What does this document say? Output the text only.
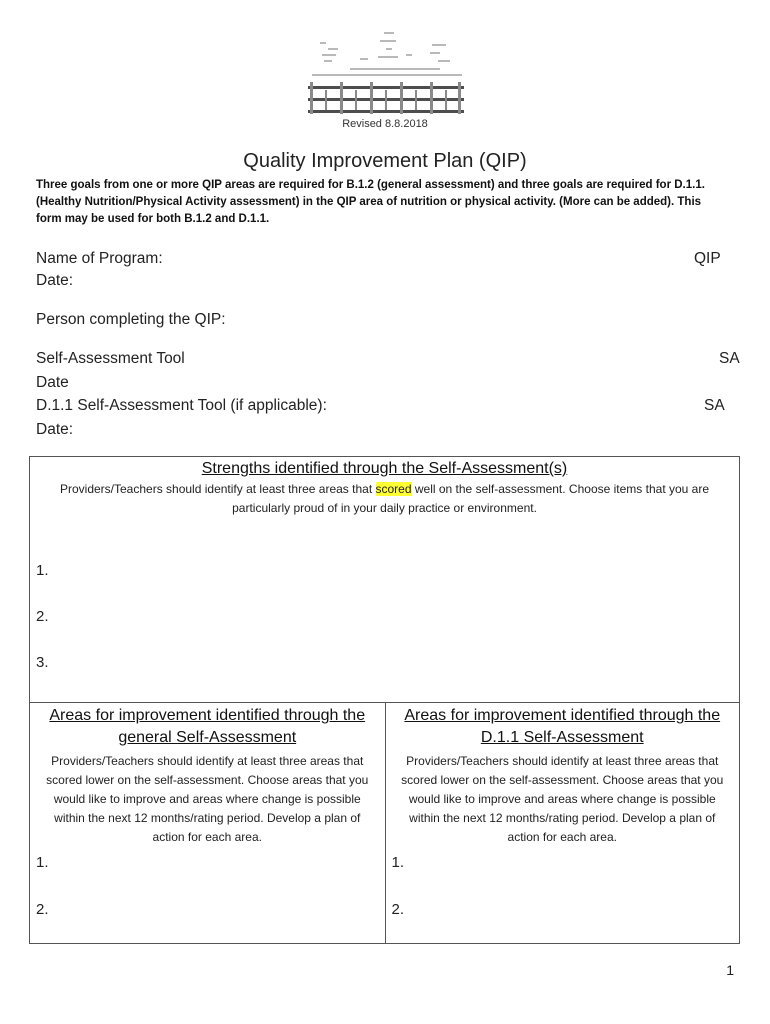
Revised 8.8.2018
Quality Improvement Plan (QIP)
Three goals from one or more QIP areas are required for B.1.2 (general assessment) and three goals are required for D.1.1. (Healthy Nutrition/Physical Activity assessment) in the QIP area of nutrition or physical activity. (More can be added). This form may be used for both B.1.2 and D.1.1.
Name of Program:	QIP
Date:
Person completing the QIP:
Self-Assessment Tool	SA
Date
D.1.1 Self-Assessment Tool (if applicable):	SA
Date:
Strengths identified through the Self-Assessment(s)
Providers/Teachers should identify at least three areas that scored well on the self-assessment. Choose items that you are particularly proud of in your daily practice or environment.
1.
2.
3.
Areas for improvement identified through the general Self-Assessment
Providers/Teachers should identify at least three areas that scored lower on the self-assessment. Choose areas that you would like to improve and areas where change is possible within the next 12 months/rating period. Develop a plan of action for each area.
1.
2.
Areas for improvement identified through the D.1.1 Self-Assessment
Providers/Teachers should identify at least three areas that scored lower on the self-assessment. Choose areas that you would like to improve and areas where change is possible within the next 12 months/rating period. Develop a plan of action for each area.
1.
2.
1
